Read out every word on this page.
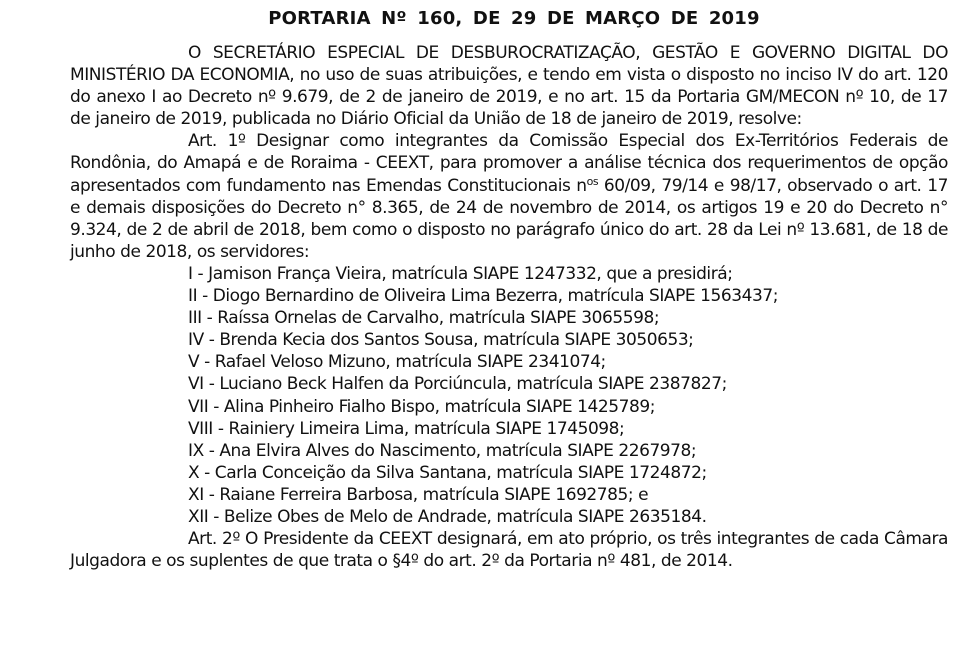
PORTARIA Nº 160, DE 29 DE MARÇO DE 2019

O SECRETÁRIO ESPECIAL DE DESBUROCRATIZAÇÃO, GESTÃO E GOVERNO DIGITAL DO MINISTÉRIO DA ECONOMIA, no uso de suas atribuições, e tendo em vista o disposto no inciso IV do art. 120 do anexo I ao Decreto nº 9.679, de 2 de janeiro de 2019, e no art. 15 da Portaria GM/MECON nº 10, de 17 de janeiro de 2019, publicada no Diário Oficial da União de 18 de janeiro de 2019, resolve:

Art. 1º Designar como integrantes da Comissão Especial dos Ex-Territórios Federais de Rondônia, do Amapá e de Roraima - CEEXT, para promover a análise técnica dos requerimentos de opção apresentados com fundamento nas Emendas Constitucionais $n^{os}$ 60/09, 79/14 e 98/17, observado o art. 17 e demais disposições do Decreto n° 8.365, de 24 de novembro de 2014, os artigos 19 e 20 do Decreto n° 9.324, de 2 de abril de 2018, bem como o disposto no parágrafo único do art. 28 da Lei nº 13.681, de 18 de junho de 2018, os servidores:

I - Jamison França Vieira, matrícula SIAPE 1247332, que a presidirá;
II - Diogo Bernardino de Oliveira Lima Bezerra, matrícula SIAPE 1563437;
III - Raíssa Ornelas de Carvalho, matrícula SIAPE 3065598;
IV - Brenda Kecia dos Santos Sousa, matrícula SIAPE 3050653;
V - Rafael Veloso Mizuno, matrícula SIAPE 2341074;
VI - Luciano Beck Halfen da Porciúncula, matrícula SIAPE 2387827;
VII - Alina Pinheiro Fialho Bispo, matrícula SIAPE 1425789;
VIII - Rainiery Limeira Lima, matrícula SIAPE 1745098;
IX - Ana Elvira Alves do Nascimento, matrícula SIAPE 2267978;
X - Carla Conceição da Silva Santana, matrícula SIAPE 1724872;
XI - Raiane Ferreira Barbosa, matrícula SIAPE 1692785; e
XII - Belize Obes de Melo de Andrade, matrícula SIAPE 2635184.

Art. 2º O Presidente da CEEXT designará, em ato próprio, os três integrantes de cada Câmara Julgadora e os suplentes de que trata o §4º do art. 2º da Portaria nº 481, de 2014.
